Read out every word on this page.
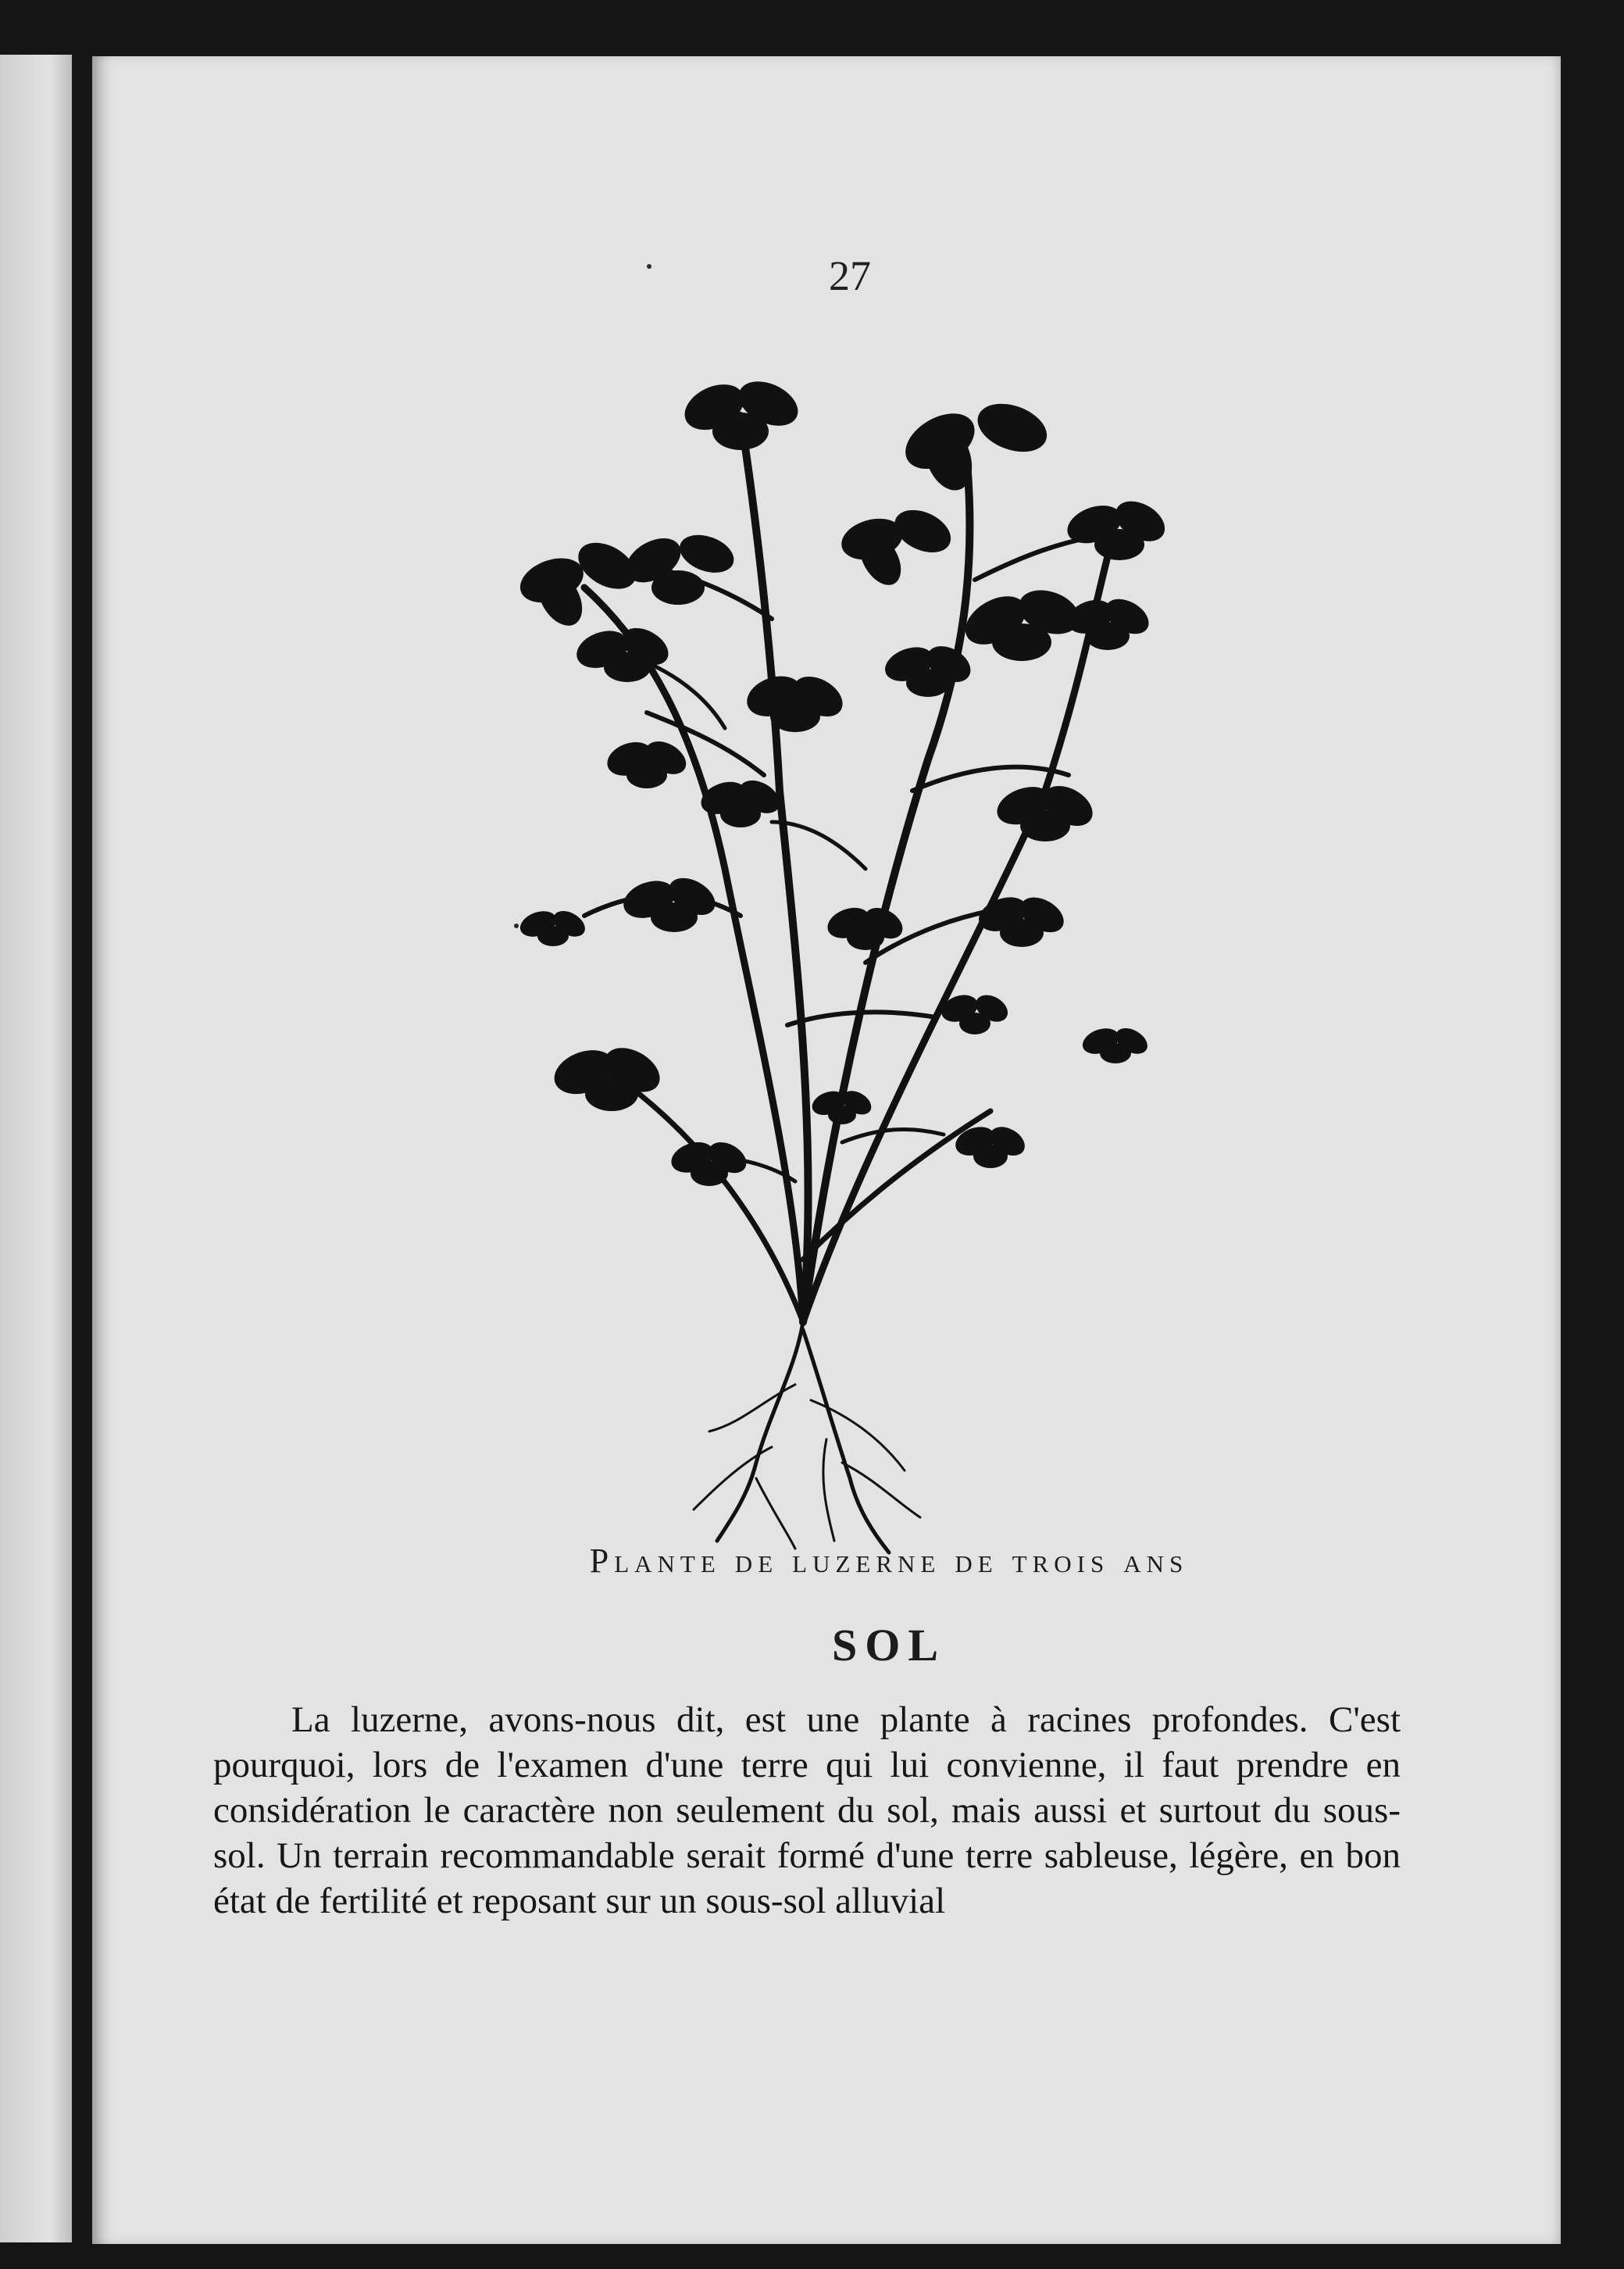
27
Plante de luzerne de trois ans
SOL
La luzerne, avons-nous dit, est une plante à racines profondes. C'est pourquoi, lors de l'examen d'une terre qui lui convienne, il faut prendre en considération le caractère non seulement du sol, mais aussi et surtout du sous-sol. Un terrain recommandable serait formé d'une terre sableuse, légère, en bon état de fertilité et reposant sur un sous-sol alluvial
